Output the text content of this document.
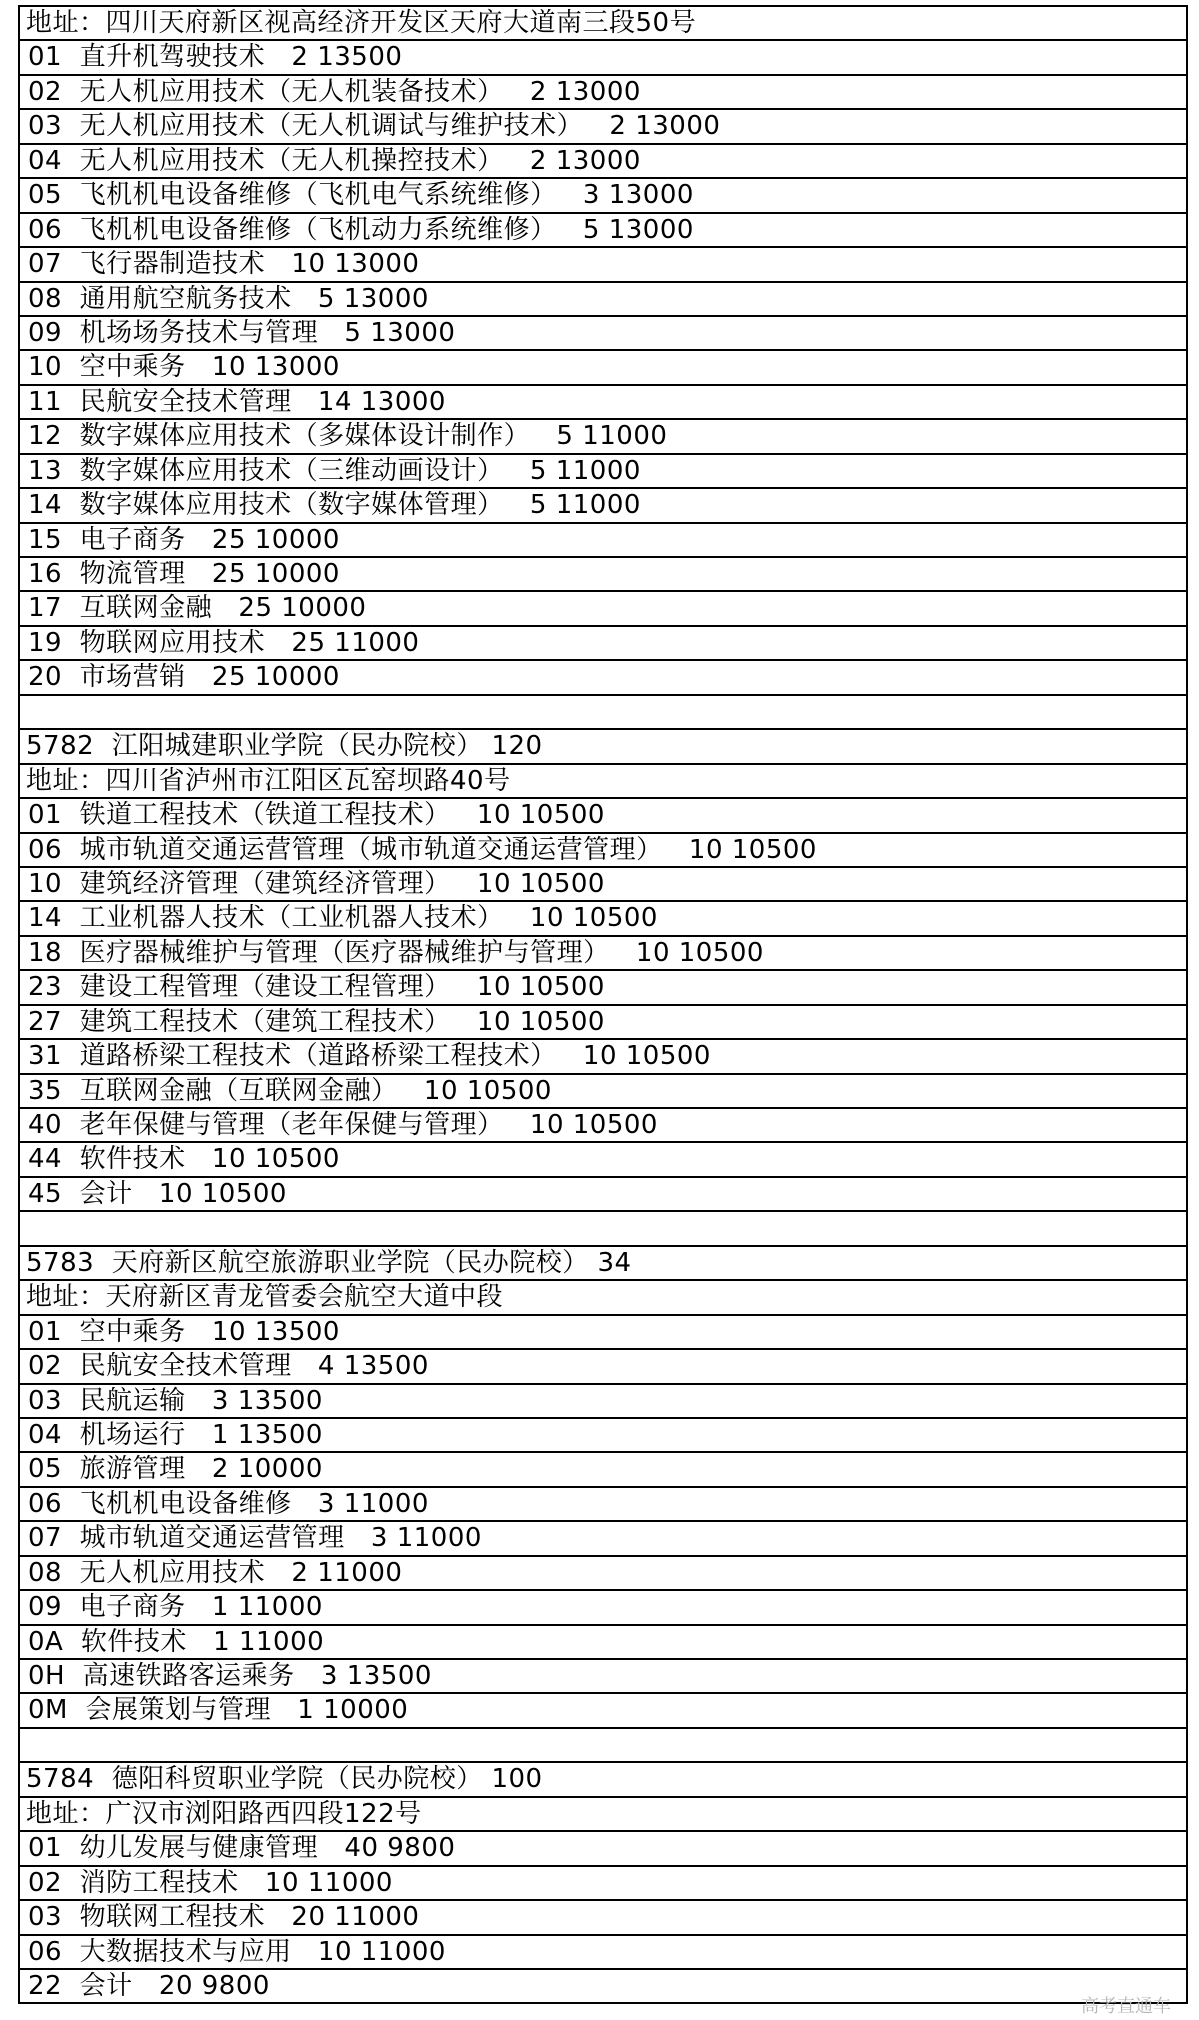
地址：四川天府新区视高经济开发区天府大道南三段50号
01  直升机驾驶技术   2 13500
02  无人机应用技术（无人机装备技术）   2 13000
03  无人机应用技术（无人机调试与维护技术）   2 13000
04  无人机应用技术（无人机操控技术）   2 13000
05  飞机机电设备维修（飞机电气系统维修）   3 13000
06  飞机机电设备维修（飞机动力系统维修）   5 13000
07  飞行器制造技术   10 13000
08  通用航空航务技术   5 13000
09  机场场务技术与管理   5 13000
10  空中乘务   10 13000
11  民航安全技术管理   14 13000
12  数字媒体应用技术（多媒体设计制作）   5 11000
13  数字媒体应用技术（三维动画设计）   5 11000
14  数字媒体应用技术（数字媒体管理）   5 11000
15  电子商务   25 10000
16  物流管理   25 10000
17  互联网金融   25 10000
19  物联网应用技术   25 11000
20  市场营销   25 10000
5782  江阳城建职业学院（民办院校） 120
地址：四川省泸州市江阳区瓦窑坝路40号
01  铁道工程技术（铁道工程技术）   10 10500
06  城市轨道交通运营管理（城市轨道交通运营管理）   10 10500
10  建筑经济管理（建筑经济管理）   10 10500
14  工业机器人技术（工业机器人技术）   10 10500
18  医疗器械维护与管理（医疗器械维护与管理）   10 10500
23  建设工程管理（建设工程管理）   10 10500
27  建筑工程技术（建筑工程技术）   10 10500
31  道路桥梁工程技术（道路桥梁工程技术）   10 10500
35  互联网金融（互联网金融）   10 10500
40  老年保健与管理（老年保健与管理）   10 10500
44  软件技术   10 10500
45  会计   10 10500
5783  天府新区航空旅游职业学院（民办院校） 34
地址：天府新区青龙管委会航空大道中段
01  空中乘务   10 13500
02  民航安全技术管理   4 13500
03  民航运输   3 13500
04  机场运行   1 13500
05  旅游管理   2 10000
06  飞机机电设备维修   3 11000
07  城市轨道交通运营管理   3 11000
08  无人机应用技术   2 11000
09  电子商务   1 11000
0A  软件技术   1 11000
0H  高速铁路客运乘务   3 13500
0M  会展策划与管理   1 10000
5784  德阳科贸职业学院（民办院校） 100
地址：广汉市浏阳路西四段122号
01  幼儿发展与健康管理   40 9800
02  消防工程技术   10 11000
03  物联网工程技术   20 11000
06  大数据技术与应用   10 11000
22  会计   20 9800
高考直通车
